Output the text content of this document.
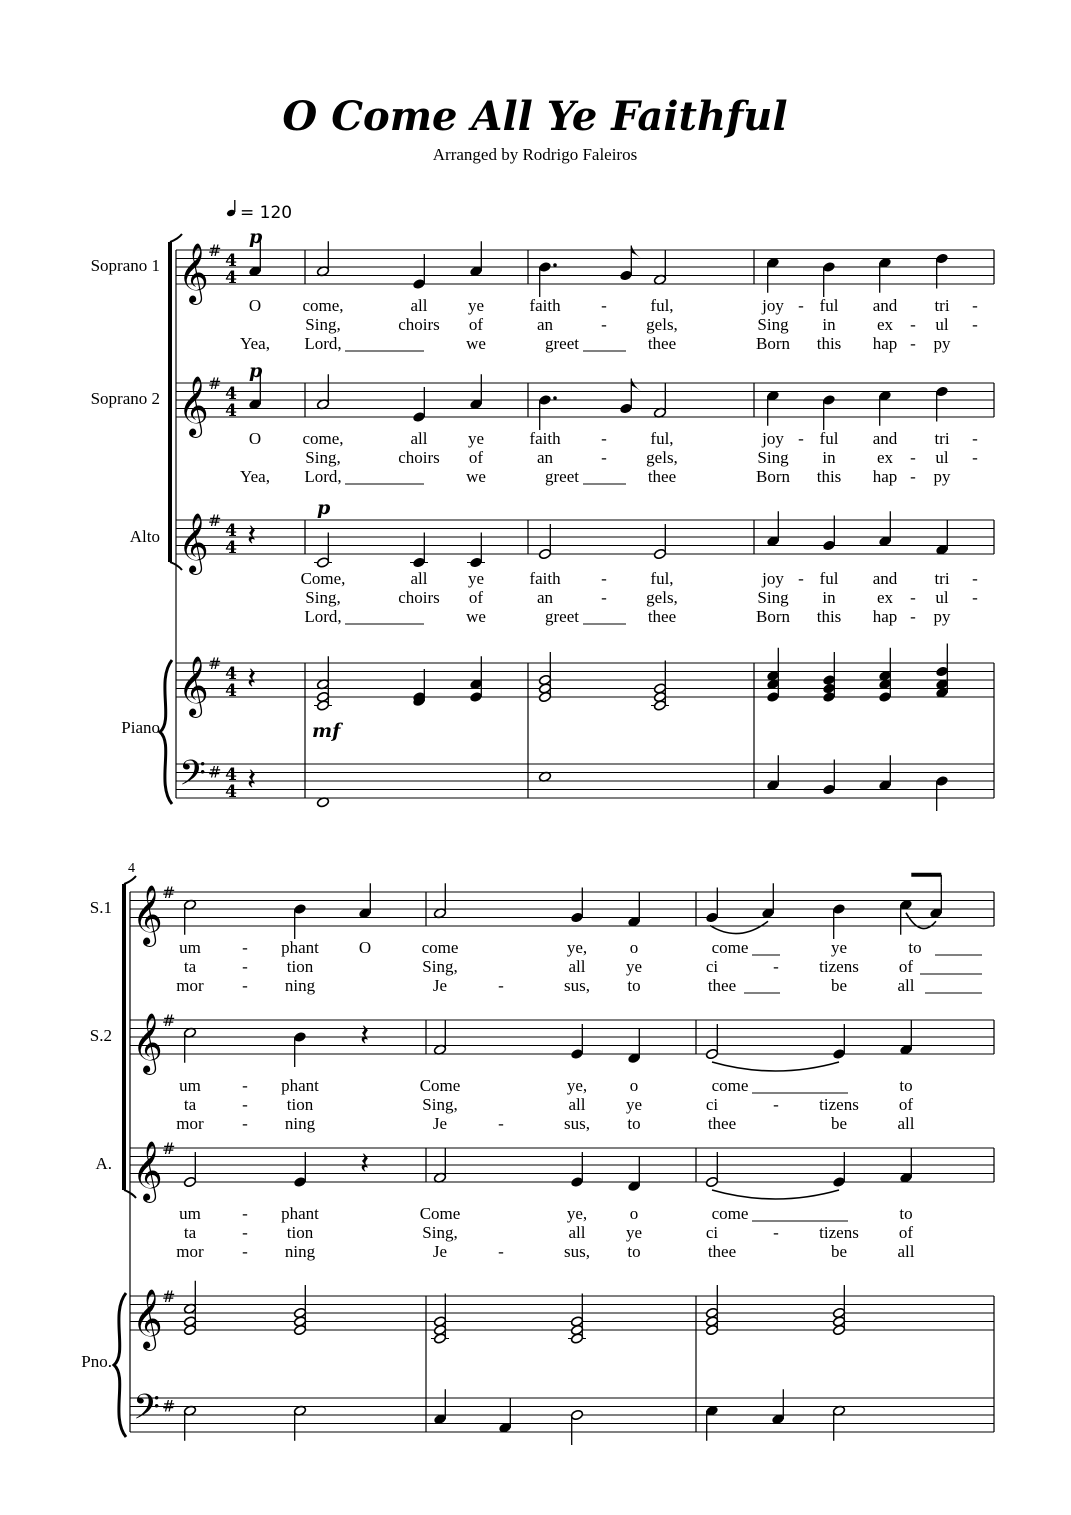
𝄞 #
4
4
𝄞 #
4
4
𝄞 #
4
4
𝄞 #
4
4
𝄢 # 4
4
𝄞 #
𝄞 #
𝄞 #
𝄞 #
𝄢 #
𝄽
𝄽
𝄽
𝄽
𝄽
O Come All Ye Faithful
Arranged by Rodrigo Faleiros
= 120
Soprano 1
Soprano 2
Alto
Piano
p
p
p
mf
O come,	all ye	faith -	ful,	joy - ful and tri -
Sing,	choirs of	an	- gels,	Sing in ex - ul -
Yea, Lord,	we	greet	thee	Born this hap - py
O come,	all ye	faith -	ful,	joy - ful and tri -
Sing,	choirs of	an	- gels,	Sing in ex - ul -
Yea, Lord,	we	greet	thee	Born this hap - py
Come,	all ye	faith -	ful,	joy - ful and tri -
Sing,	choirs of	an	- gels,	Sing in ex - ul -
Lord,	we	greet	thee	Born this hap - py
4
S.1
S.2
A.
Pno.
um - phant O	come	ye,	o	come	ye	to
ta	- tion	Sing,	all ye	ci	- tizens of
mor - ning	Je	-	sus, to	thee	be	all
um - phant	Come	ye,	o	come	to
ta	- tion	Sing,	all ye	ci	- tizens of
mor - ning	Je	-	sus, to	thee	be	all
um - phant	Come	ye,	o	come	to
ta	- tion	Sing,	all ye	ci	- tizens of
mor - ning	Je	-	sus, to	thee	be	all
